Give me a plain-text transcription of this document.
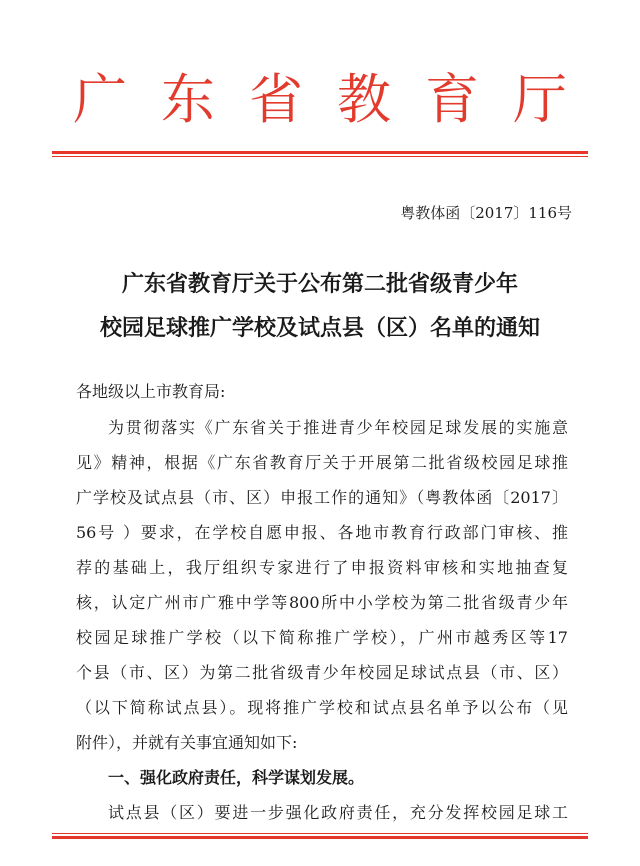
广东省教育厅
粤教体函〔2017〕116号
广东省教育厅关于公布第二批省级青少年
校园足球推广学校及试点县（区）名单的通知
各地级以上市教育局:
为贯彻落实《广东省关于推进青少年校园足球发展的实施意
见》精神，根据《广东省教育厅关于开展第二批省级校园足球推
广学校及试点县（市、区）申报工作的通知》（粤教体函〔2017〕
56号 ）要求，在学校自愿申报、各地市教育行政部门审核、推
荐的基础上，我厅组织专家进行了申报资料审核和实地抽查复
核，认定广州市广雅中学等800所中小学校为第二批省级青少年
校园足球推广学校（以下简称推广学校），广州市越秀区等17
个县（市、区）为第二批省级青少年校园足球试点县（市、区）
（以下简称试点县）。现将推广学校和试点县名单予以公布（见
附件），并就有关事宜通知如下:
一、强化政府责任，科学谋划发展。
试点县（区）要进一步强化政府责任，充分发挥校园足球工
